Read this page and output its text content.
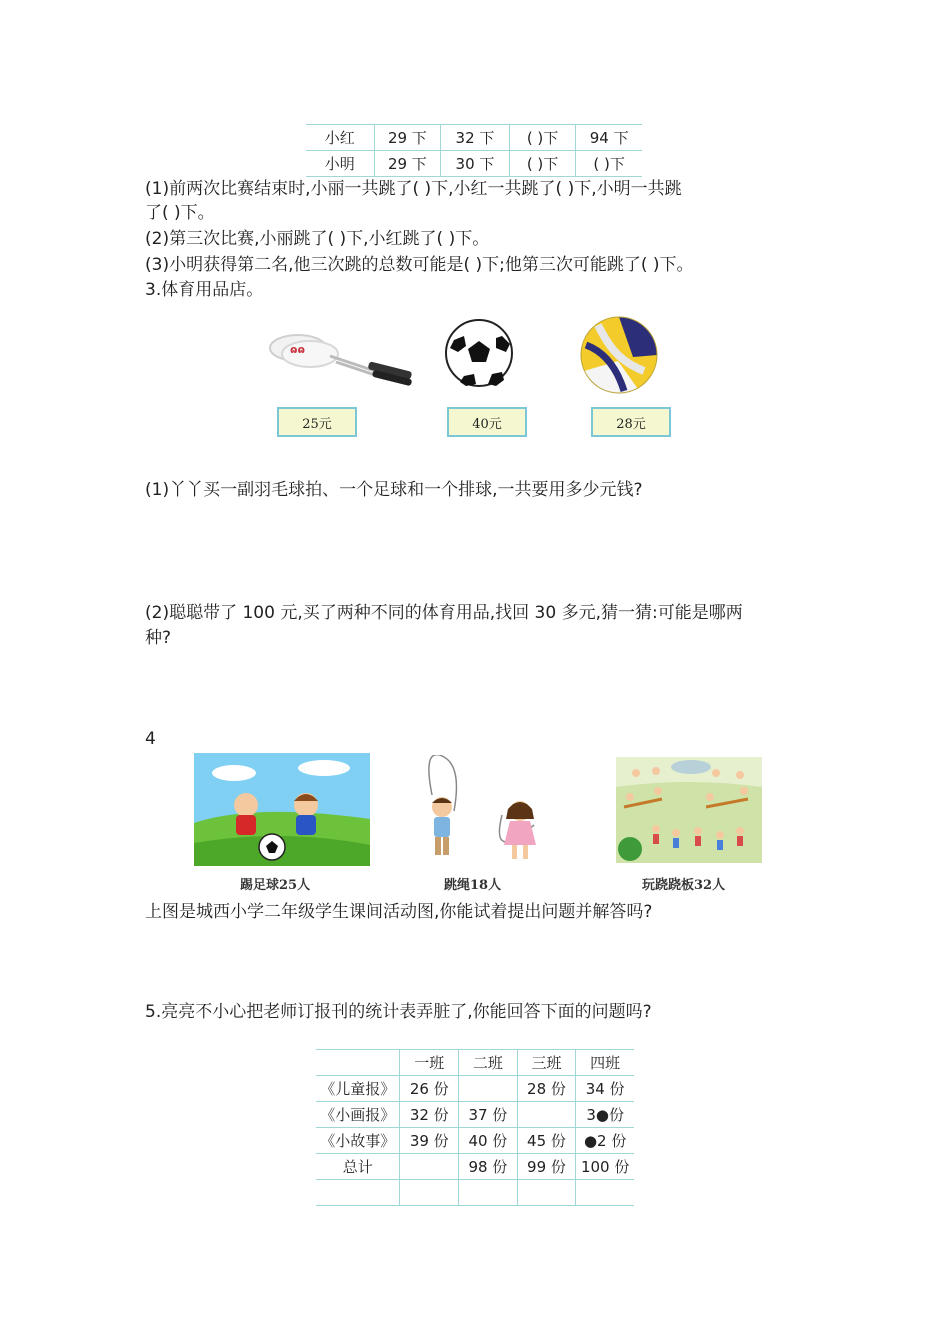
小红	29 下	32 下	( )下	94 下
小明	29 下	30 下	( )下	( )下
(1)前两次比赛结束时,小丽一共跳了( )下,小红一共跳了( )下,小明一共跳
了( )下。
(2)第三次比赛,小丽跳了( )下,小红跳了( )下。
(3)小明获得第二名,他三次跳的总数可能是( )下;他第三次可能跳了( )下。
3.体育用品店。
ɷɷ
25元	40元	28元
(1)丫丫买一副羽毛球拍、一个足球和一个排球,一共要用多少元钱?
(2)聪聪带了 100 元,买了两种不同的体育用品,找回 30 多元,猜一猜:可能是哪两
种?
4
踢足球25人	跳绳18人	玩跷跷板32人
上图是城西小学二年级学生课间活动图,你能试着提出问题并解答吗?
5.亮亮不小心把老师订报刊的统计表弄脏了,你能回答下面的问题吗?
	一班	二班	三班	四班
《儿童报》	26 份		28 份	34 份
《小画报》	32 份	37 份		3●份
《小故事》	39 份	40 份	45 份	●2 份
总计		98 份	99 份	100 份
